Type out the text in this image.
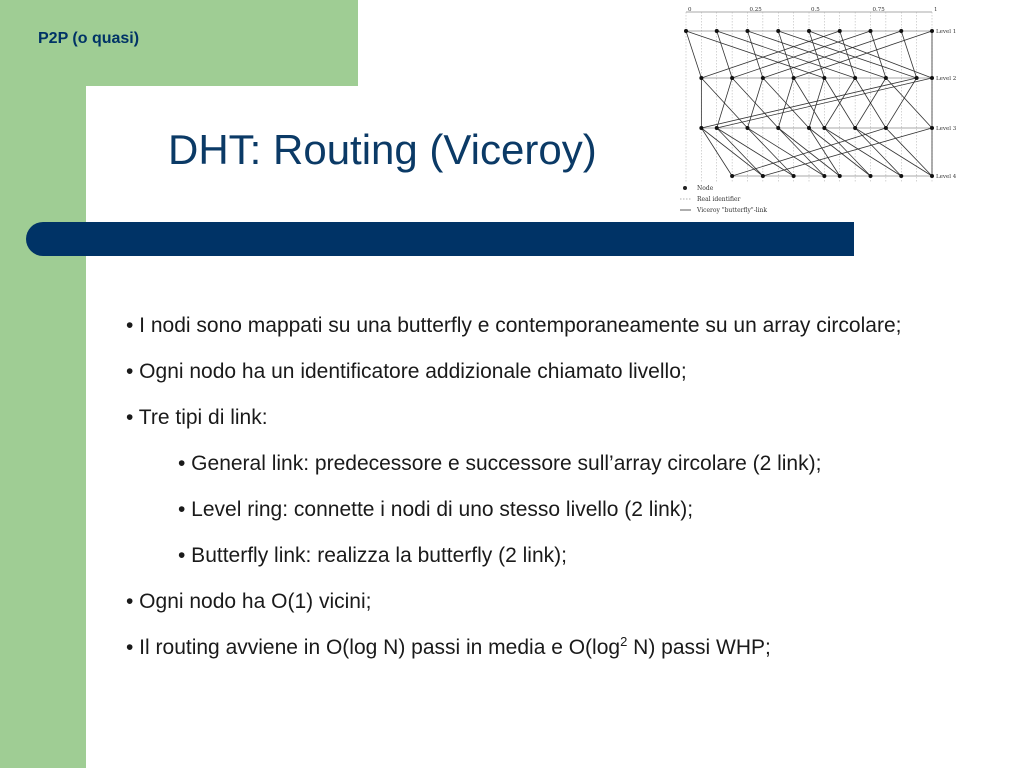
P2P (o quasi)

DHT: Routing (Viceroy)
0	0.25	0.5	0.75	1
Level 1
Level 2
Level 3
Level 4
Node
Real identifier
Viceroy "butterfly"-link

• I nodi sono mappati su una butterfly e contemporaneamente su un array circolare;

• Ogni nodo ha un identificatore addizionale chiamato livello;

• Tre tipi di link:

• General link: predecessore e successore sull’array circolare (2 link);

• Level ring: connette i nodi di uno stesso livello (2 link);

• Butterfly link: realizza la butterfly (2 link);

• Ogni nodo ha O(1) vicini;

• Il routing avviene in O(log N) passi in media e $O(\log^2$ N) passi WHP;
